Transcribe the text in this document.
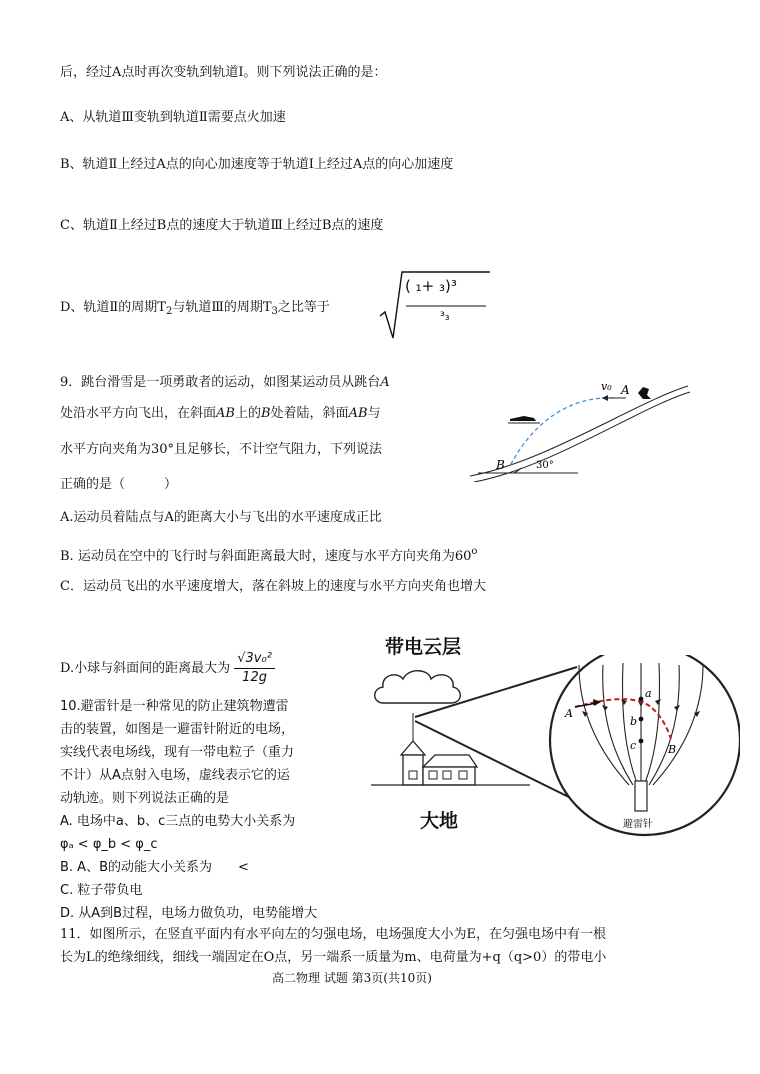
后，经过A点时再次变轨到轨道Ⅰ。则下列说法正确的是：
A、从轨道Ⅲ变轨到轨道Ⅱ需要点火加速
B、轨道Ⅱ上经过A点的向心加速度等于轨道Ⅰ上经过A点的向心加速度
C、轨道Ⅱ上经过B点的速度大于轨道Ⅲ上经过B点的速度
D、轨道Ⅱ的周期$T_2$与轨道Ⅲ的周期$T_3$之比等于
( ₁+ ₃)³
³₃
9．跳台滑雪是一项勇敢者的运动，如图某运动员从跳台A
处沿水平方向飞出，在斜面AB上的B处着陆，斜面AB与
水平方向夹角为30°且足够长，不计空气阻力，下列说法
正确的是（　　　）
v₀ A
B	30°
A.运动员着陆点与A的距离大小与飞出的水平速度成正比
B. 运动员在空中的飞行时与斜面距离最大时，速度与水平方向夹角为60$^o$
C．运动员飞出的水平速度增大，落在斜坡上的速度与水平方向夹角也增大
D.小球与斜面间的距离最大为 $\frac{\text{√3v₀²}}{12g}$
10.避雷针是一种常见的防止建筑物遭雷
击的装置，如图是一避雷针附近的电场，
实线代表电场线，现有一带电粒子（重力
不计）从A点射入电场，虚线表示它的运
动轨迹。则下列说法正确的是
A. 电场中a、b、c三点的电势大小关系为
φₐ < φ_b < φ_c
B. A、B的动能大小关系为　　<
C. 粒子带负电
D. 从A到B过程，电场力做负功，电势能增大
带电云层
大地
a
b
c
A
B
避雷针
11．如图所示，在竖直平面内有水平向左的匀强电场，电场强度大小为E，在匀强电场中有一根
长为L的绝缘细线，细线一端固定在O点，另一端系一质量为m、电荷量为+q（q>0）的带电小
高二物理 试题 第3页(共10页)
